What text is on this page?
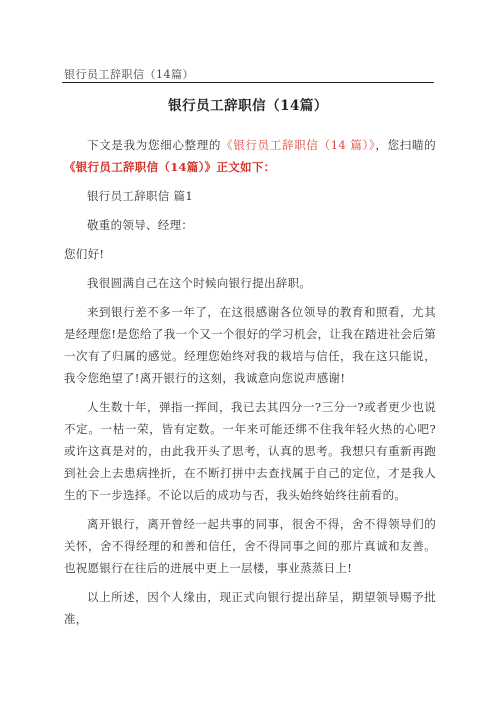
银行员工辞职信（14篇）
银行员工辞职信（14篇）

下文是我为您细心整理的《银行员工辞职信（14 篇）》，您扫瞄的《银行员工辞职信（14篇）》正文如下：

银行员工辞职信 篇1

敬重的领导、经理：

您们好!

我很圆满自己在这个时候向银行提出辞职。

来到银行差不多一年了，在这很感谢各位领导的教育和照看，尤其是经理您!是您给了我一个又一个很好的学习机会，让我在踏进社会后第一次有了归属的感觉。经理您始终对我的栽培与信任，我在这只能说，我令您绝望了!离开银行的这刻，我诚意向您说声感谢!

人生数十年，弹指一挥间，我已去其四分一?三分一?或者更少也说不定。一枯一荣，皆有定数。一年来可能还绑不住我年轻火热的心吧?或许这真是对的，由此我开头了思考，认真的思考。我想只有重新再跑到社会上去患病挫折，在不断打拼中去查找属于自己的定位，才是我人生的下一步选择。不论以后的成功与否，我头始终始终往前看的。

离开银行，离开曾经一起共事的同事，很舍不得，舍不得领导们的关怀，舍不得经理的和善和信任，舍不得同事之间的那片真诚和友善。也祝愿银行在往后的进展中更上一层楼，事业蒸蒸日上!

以上所述，因个人缘由，现正式向银行提出辞呈，期望领导赐予批准，
